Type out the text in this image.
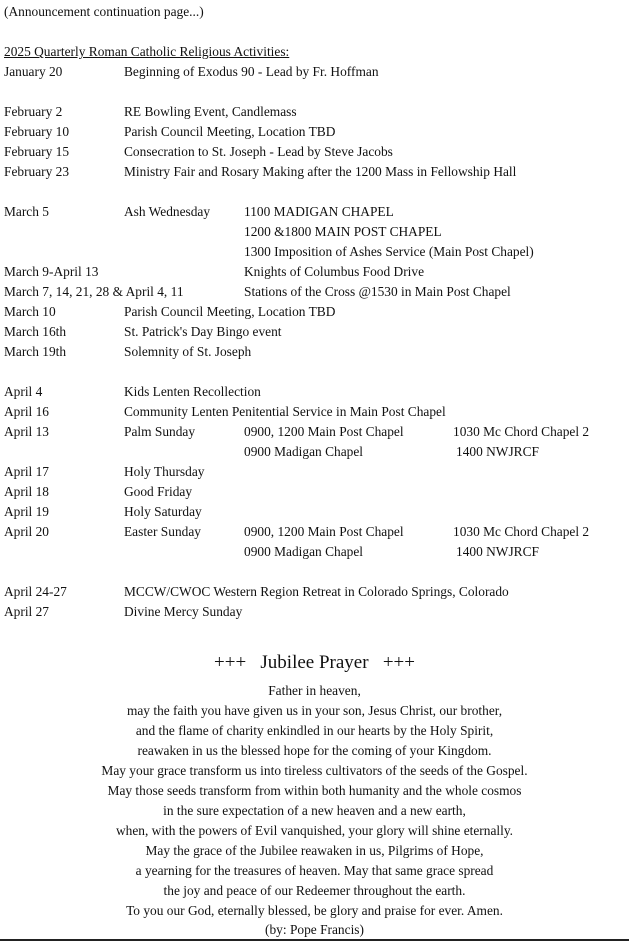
(Announcement continuation page...)
2025 Quarterly Roman Catholic Religious Activities:
January 20	Beginning of Exodus 90 - Lead by Fr. Hoffman
February 2	RE Bowling Event, Candlemass
February 10	Parish Council Meeting, Location TBD
February 15	Consecration to St. Joseph - Lead by Steve Jacobs
February 23	Ministry Fair and Rosary Making after the 1200 Mass in Fellowship Hall
March 5	Ash Wednesday	1100 MADIGAN CHAPEL
1200 &1800 MAIN POST CHAPEL
1300 Imposition of Ashes Service (Main Post Chapel)
March 9-April 13	Knights of Columbus Food Drive
March 7, 14, 21, 28 & April 4, 11	Stations of the Cross @1530 in Main Post Chapel
March 10	Parish Council Meeting, Location TBD
March 16th	St. Patrick's Day Bingo event
March 19th	Solemnity of St. Joseph
April 4	Kids Lenten Recollection
April 16	Community Lenten Penitential Service in Main Post Chapel
April 13	Palm Sunday	0900, 1200 Main Post Chapel	1030 Mc Chord Chapel 2
0900 Madigan Chapel	1400 NWJRCF
April 17	Holy Thursday
April 18	Good Friday
April 19	Holy Saturday
April 20	Easter Sunday	0900, 1200 Main Post Chapel	1030 Mc Chord Chapel 2
0900 Madigan Chapel	1400 NWJRCF
April 24-27	MCCW/CWOC Western Region Retreat in Colorado Springs, Colorado
April 27	Divine Mercy Sunday
+++   Jubilee Prayer   +++
Father in heaven,
may the faith you have given us in your son, Jesus Christ, our brother,
and the flame of charity enkindled in our hearts by the Holy Spirit,
reawaken in us the blessed hope for the coming of your Kingdom.
May your grace transform us into tireless cultivators of the seeds of the Gospel.
May those seeds transform from within both humanity and the whole cosmos
in the sure expectation of a new heaven and a new earth,
when, with the powers of Evil vanquished, your glory will shine eternally.
May the grace of the Jubilee reawaken in us, Pilgrims of Hope,
a yearning for the treasures of heaven. May that same grace spread
the joy and peace of our Redeemer throughout the earth.
To you our God, eternally blessed, be glory and praise for ever. Amen.
(by: Pope Francis)
